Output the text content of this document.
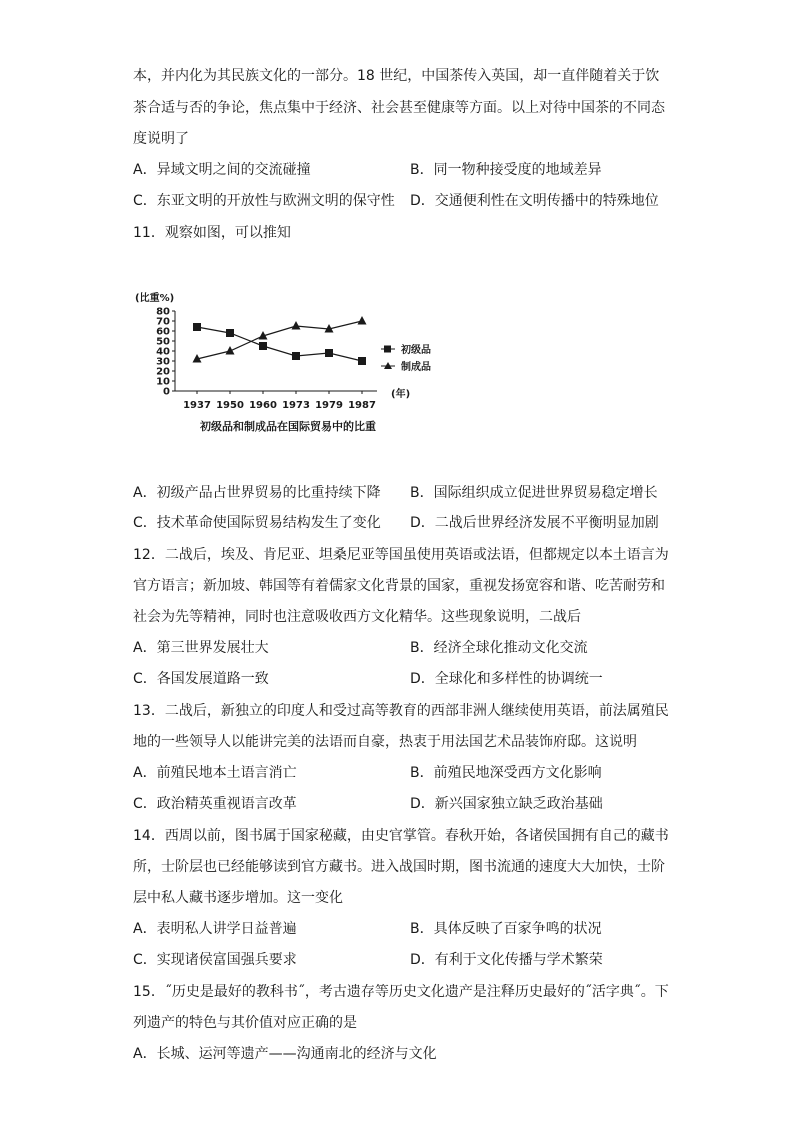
本，并内化为其民族文化的一部分。18 世纪，中国茶传入英国，却一直伴随着关于饮
茶合适与否的争论，焦点集中于经济、社会甚至健康等方面。以上对待中国茶的不同态
度说明了
A．异域文明之间的交流碰撞	B．同一物种接受度的地域差异
C．东亚文明的开放性与欧洲文明的保守性 D．交通便利性在文明传播中的特殊地位
11．观察如图，可以推知
(比重%)
0
10
20
30
40
50
60
70
80
1937 1950 1960 1973 1979 1987
(年)
初级品
制成品
初级品和制成品在国际贸易中的比重
A．初级产品占世界贸易的比重持续下降 B．国际组织成立促进世界贸易稳定增长
C．技术革命使国际贸易结构发生了变化 D．二战后世界经济发展不平衡明显加剧
12．二战后，埃及、肯尼亚、坦桑尼亚等国虽使用英语或法语，但都规定以本土语言为
官方语言；新加坡、韩国等有着儒家文化背景的国家，重视发扬宽容和谐、吃苦耐劳和
社会为先等精神，同时也注意吸收西方文化精华。这些现象说明，二战后
A．第三世界发展壮大	B．经济全球化推动文化交流
C．各国发展道路一致	D．全球化和多样性的协调统一
13．二战后，新独立的印度人和受过高等教育的西部非洲人继续使用英语，前法属殖民
地的一些领导人以能讲完美的法语而自豪，热衷于用法国艺术品装饰府邸。这说明
A．前殖民地本土语言消亡	B．前殖民地深受西方文化影响
C．政治精英重视语言改革	D．新兴国家独立缺乏政治基础
14．西周以前，图书属于国家秘藏，由史官掌管。春秋开始，各诸侯国拥有自己的藏书
所，士阶层也已经能够读到官方藏书。进入战国时期，图书流通的速度大大加快，士阶
层中私人藏书逐步增加。这一变化
A．表明私人讲学日益普遍	B．具体反映了百家争鸣的状况
C．实现诸侯富国强兵要求	D．有利于文化传播与学术繁荣
15．˝历史是最好的教科书˝，考古遗存等历史文化遗产是注释历史最好的˝活字典˝。下
列遗产的特色与其价值对应正确的是
A．长城、运河等遗产——沟通南北的经济与文化
